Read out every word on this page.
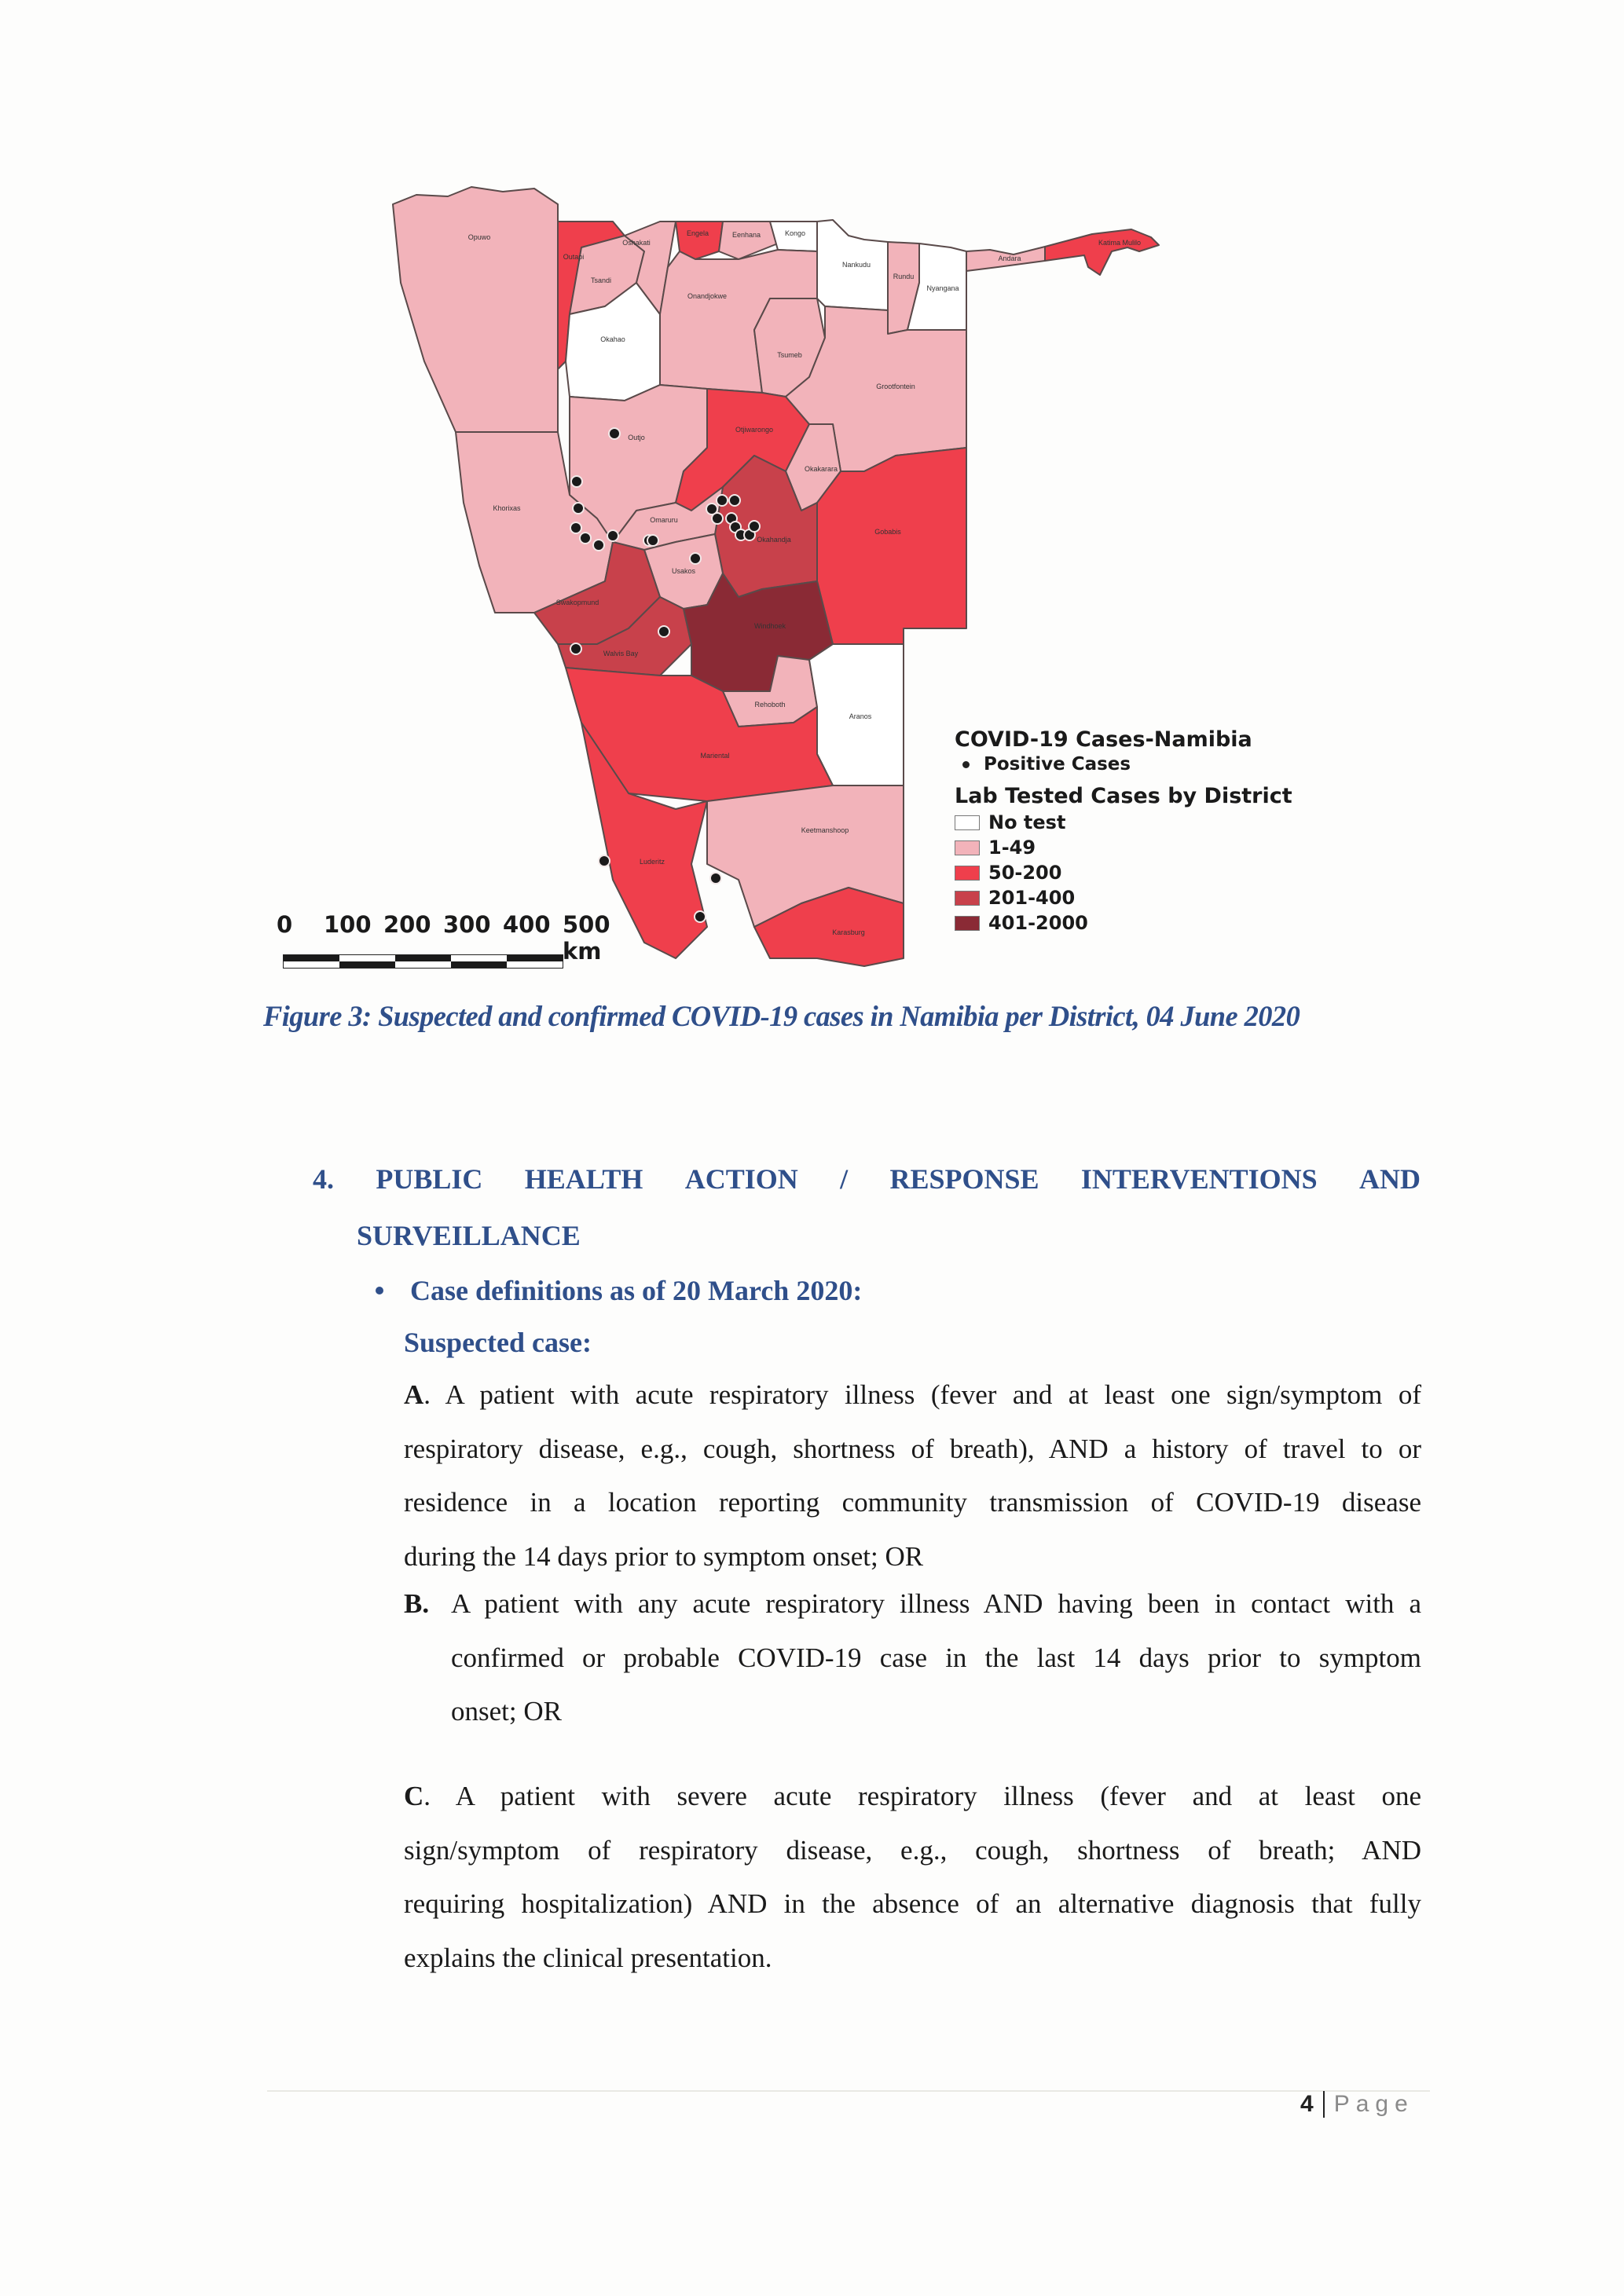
Opuwo
Khorixas
Outapi
Tsandi
Okahao
Oshakati
Engela	Eenhana	Kongo
Onandjokwe
Tsumeb
Nankudu
Rundu
Nyangana
Andara
Katima Mulilo
Outjo
Otjiwarongo
Grootfontein
Okakarara
Gobabis
Okahandja
Omaruru
Usakos
Swakopmund
Walvis Bay
Windhoek
Rehoboth
Aranos
Mariental
Luderitz
Keetmanshoop
Karasburg
COVID-19 Cases-Namibia
Positive Cases
Lab Tested Cases by District
No test
1-49
50-200
201-400
401-2000
0	100 200 300 400 500 km
Figure 3: Suspected and confirmed COVID-19 cases in Namibia per District, 04 June 2020
4. PUBLIC HEALTH ACTION / RESPONSE INTERVENTIONS AND
SURVEILLANCE
Case definitions as of 20 March 2020:
Suspected case:
A. A patient with acute respiratory illness (fever and at least one sign/symptom of
respiratory disease, e.g., cough, shortness of breath), AND a history of travel to or
residence in a location reporting community transmission of COVID-19 disease
during the 14 days prior to symptom onset; OR
B. A patient with any acute respiratory illness AND having been in contact with a
confirmed or probable COVID-19 case in the last 14 days prior to symptom
onset; OR
C. A patient with severe acute respiratory illness (fever and at least one
sign/symptom of respiratory disease, e.g., cough, shortness of breath; AND
requiring hospitalization) AND in the absence of an alternative diagnosis that fully
explains the clinical presentation.
4 Page
